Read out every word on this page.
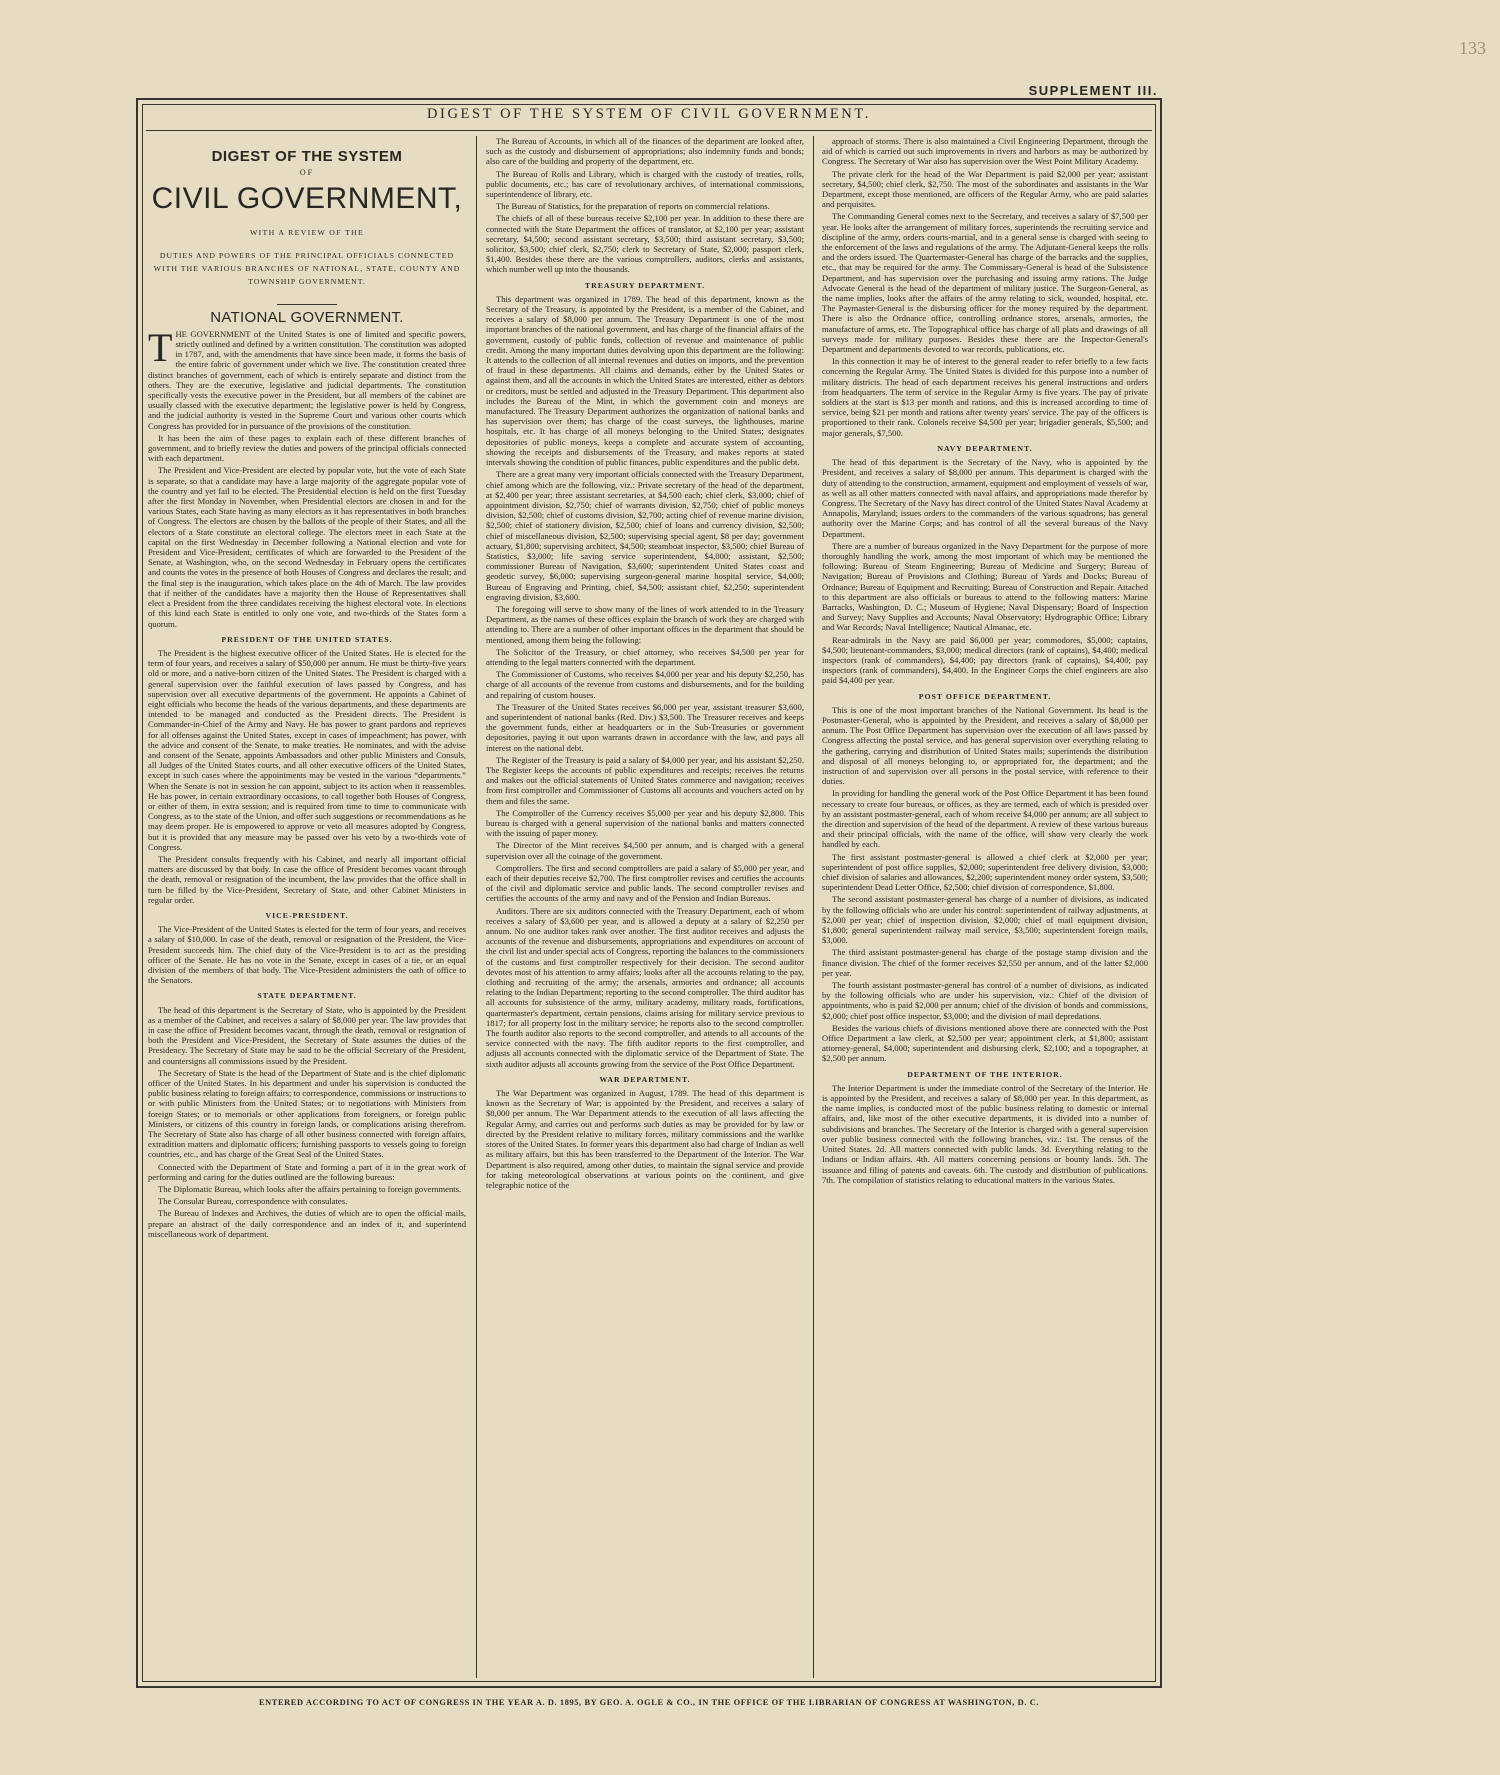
133
SUPPLEMENT III.
DIGEST OF THE SYSTEM OF CIVIL GOVERNMENT.
DIGEST OF THE SYSTEM
OF
CIVIL GOVERNMENT,
WITH A REVIEW OF THE
DUTIES AND POWERS OF THE PRINCIPAL OFFICIALS CONNECTED WITH THE VARIOUS BRANCHES OF NATIONAL, STATE, COUNTY AND TOWNSHIP GOVERNMENT.
NATIONAL GOVERNMENT.

THE GOVERNMENT of the United States is one of limited and specific powers, strictly outlined and defined by a written constitution. The constitution was adopted in 1787, and, with the amendments that have since been made, it forms the basis of the entire fabric of government under which we live. The constitution created three distinct branches of government, each of which is entirely separate and distinct from the others. They are the executive, legislative and judicial departments. The constitution specifically vests the executive power in the President, but all members of the cabinet are usually classed with the executive department; the legislative power is held by Congress, and the judicial authority is vested in the Supreme Court and various other courts which Congress has provided for in pursuance of the provisions of the constitution.

It has been the aim of these pages to explain each of these different branches of government, and to briefly review the duties and powers of the principal officials connected with each department.

The President and Vice-President are elected by popular vote, but the vote of each State is separate, so that a candidate may have a large majority of the aggregate popular vote of the country and yet fail to be elected. The Presidential election is held on the first Tuesday after the first Monday in November, when Presidential electors are chosen in and for the various States, each State having as many electors as it has representatives in both branches of Congress. The electors are chosen by the ballots of the people of their States, and all the electors of a State constitute an electoral college. The electors meet in each State at the capital on the first Wednesday in December following a National election and vote for President and Vice-President, certificates of which are forwarded to the President of the Senate, at Washington, who, on the second Wednesday in February opens the certificates and counts the votes in the presence of both Houses of Congress and declares the result; and the final step is the inauguration, which takes place on the 4th of March. The law provides that if neither of the candidates have a majority then the House of Representatives shall elect a President from the three candidates receiving the highest electoral vote. In elections of this kind each State is entitled to only one vote, and two-thirds of the States form a quorum.

PRESIDENT OF THE UNITED STATES.

The President is the highest executive officer of the United States. He is elected for the term of four years, and receives a salary of $50,000 per annum. He must be thirty-five years old or more, and a native-born citizen of the United States. The President is charged with a general supervision over the faithful execution of laws passed by Congress, and has supervision over all executive departments of the government. He appoints a Cabinet of eight officials who become the heads of the various departments, and these departments are intended to be managed and conducted as the President directs. The President is Commander-in-Chief of the Army and Navy. He has power to grant pardons and reprieves for all offenses against the United States, except in cases of impeachment; has power, with the advice and consent of the Senate, to make treaties. He nominates, and with the advise and consent of the Senate, appoints Ambassadors and other public Ministers and Consuls, all Judges of the United States courts, and all other executive officers of the United States, except in such cases where the appointments may be vested in the various “departments.” When the Senate is not in session he can appoint, subject to its action when it reassembles. He has power, in certain extraordinary occasions, to call together both Houses of Congress, or either of them, in extra session; and is required from time to time to communicate with Congress, as to the state of the Union, and offer such suggestions or recommendations as he may deem proper. He is empowered to approve or veto all measures adopted by Congress, but it is provided that any measure may be passed over his veto by a two-thirds vote of Congress.

The President consults frequently with his Cabinet, and nearly all important official matters are discussed by that body. In case the office of President becomes vacant through the death, removal or resignation of the incumbent, the law provides that the office shall in turn be filled by the Vice-President, Secretary of State, and other Cabinet Ministers in regular order.

VICE-PRESIDENT.

The Vice-President of the United States is elected for the term of four years, and receives a salary of $10,000. In case of the death, removal or resignation of the President, the Vice-President succeeds him. The chief duty of the Vice-President is to act as the presiding officer of the Senate. He has no vote in the Senate, except in cases of a tie, or an equal division of the members of that body. The Vice-President administers the oath of office to the Senators.

STATE DEPARTMENT.

The head of this department is the Secretary of State, who is appointed by the President as a member of the Cabinet, and receives a salary of $8,000 per year. The law provides that in case the office of President becomes vacant, through the death, removal or resignation of both the President and Vice-President, the Secretary of State assumes the duties of the Presidency. The Secretary of State may be said to be the official Secretary of the President, and countersigns all commissions issued by the President.

The Secretary of State is the head of the Department of State and is the chief diplomatic officer of the United States. In his department and under his supervision is conducted the public business relating to foreign affairs; to correspondence, commissions or instructions to or with public Ministers from the United States; or to negotiations with Ministers from foreign States; or to memorials or other applications from foreigners, or foreign public Ministers, or citizens of this country in foreign lands, or complications arising therefrom. The Secretary of State also has charge of all other business connected with foreign affairs, extradition matters and diplomatic officers; furnishing passports to vessels going to foreign countries, etc., and has charge of the Great Seal of the United States.

Connected with the Department of State and forming a part of it in the great work of performing and caring for the duties outlined are the following bureaus:

The Diplomatic Bureau, which looks after the affairs pertaining to foreign governments.

The Consular Bureau, correspondence with consulates.

The Bureau of Indexes and Archives, the duties of which are to open the official mails, prepare an abstract of the daily correspondence and an index of it, and superintend miscellaneous work of department.

The Bureau of Accounts, in which all of the finances of the department are looked after, such as the custody and disbursement of appropriations; also indemnity funds and bonds; also care of the building and property of the department, etc.

The Bureau of Rolls and Library, which is charged with the custody of treaties, rolls, public documents, etc.; has care of revolutionary archives, of international commissions, superintendence of library, etc.

The Bureau of Statistics, for the preparation of reports on commercial relations.

The chiefs of all of these bureaus receive $2,100 per year. In addition to these there are connected with the State Department the offices of translator, at $2,100 per year; assistant secretary, $4,500; second assistant secretary, $3,500; third assistant secretary, $3,500; solicitor, $3,500; chief clerk, $2,750; clerk to Secretary of State, $2,000; passport clerk, $1,400. Besides these there are the various comptrollers, auditors, clerks and assistants, which number well up into the thousands.

TREASURY DEPARTMENT.

This department was organized in 1789. The head of this department, known as the Secretary of the Treasury, is appointed by the President, is a member of the Cabinet, and receives a salary of $8,000 per annum. The Treasury Department is one of the most important branches of the national government, and has charge of the financial affairs of the government, custody of public funds, collection of revenue and maintenance of public credit. Among the many important duties devolving upon this department are the following: It attends to the collection of all internal revenues and duties on imports, and the prevention of fraud in these departments. All claims and demands, either by the United States or against them, and all the accounts in which the United States are interested, either as debtors or creditors, must be settled and adjusted in the Treasury Department. This department also includes the Bureau of the Mint, in which the government coin and moneys are manufactured. The Treasury Department authorizes the organization of national banks and has supervision over them; has charge of the coast surveys, the lighthouses, marine hospitals, etc. It has charge of all moneys belonging to the United States; designates depositories of public moneys, keeps a complete and accurate system of accounting, showing the receipts and disbursements of the Treasury, and makes reports at stated intervals showing the condition of public finances, public expenditures and the public debt.

There are a great many very important officials connected with the Treasury Department, chief among which are the following, viz.: Private secretary of the head of the department, at $2,400 per year; three assistant secretaries, at $4,500 each; chief clerk, $3,000; chief of appointment division, $2,750; chief of warrants division, $2,750; chief of public moneys division, $2,500; chief of customs division, $2,700; acting chief of revenue marine division, $2,500; chief of stationery division, $2,500; chief of loans and currency division, $2,500; chief of miscellaneous division, $2,500; supervising special agent, $8 per day; government actuary, $1,800; supervising architect, $4,500; steamboat inspector, $3,500; chief Bureau of Statistics, $3,000; life saving service superintendent, $4,000; assistant, $2,500; commissioner Bureau of Navigation, $3,600; superintendent United States coast and geodetic survey, $6,000; supervising surgeon-general marine hospital service, $4,000; Bureau of Engraving and Printing, chief, $4,500; assistant chief, $2,250; superintendent engraving division, $3,600.

The foregoing will serve to show many of the lines of work attended to in the Treasury Department, as the names of these offices explain the branch of work they are charged with attending to. There are a number of other important offices in the department that should be mentioned, among them being the following:

The Solicitor of the Treasury, or chief attorney, who receives $4,500 per year for attending to the legal matters connected with the department.

The Commissioner of Customs, who receives $4,000 per year and his deputy $2,250, has charge of all accounts of the revenue from customs and disbursements, and for the building and repairing of custom houses.

The Treasurer of the United States receives $6,000 per year, assistant treasurer $3,600, and superintendent of national banks (Red. Div.) $3,500. The Treasurer receives and keeps the government funds, either at headquarters or in the Sub-Treasuries or government depositories, paying it out upon warrants drawn in accordance with the law, and pays all interest on the national debt.

The Register of the Treasury is paid a salary of $4,000 per year, and his assistant $2,250. The Register keeps the accounts of public expenditures and receipts; receives the returns and makes out the official statements of United States commerce and navigation; receives from first comptroller and Commissioner of Customs all accounts and vouchers acted on by them and files the same.

The Comptroller of the Currency receives $5,000 per year and his deputy $2,800. This bureau is charged with a general supervision of the national banks and matters connected with the issuing of paper money.

The Director of the Mint receives $4,500 per annum, and is charged with a general supervision over all the coinage of the government.

Comptrollers. The first and second comptrollers are paid a salary of $5,000 per year, and each of their deputies receive $2,700. The first comptroller revises and certifies the accounts of the civil and diplomatic service and public lands. The second comptroller revises and certifies the accounts of the army and navy and of the Pension and Indian Bureaus.

Auditors. There are six auditors connected with the Treasury Department, each of whom receives a salary of $3,600 per year, and is allowed a deputy at a salary of $2,250 per annum. No one auditor takes rank over another. The first auditor receives and adjusts the accounts of the revenue and disbursements, appropriations and expenditures on account of the civil list and under special acts of Congress, reporting the balances to the commissioners of the customs and first comptroller respectively for their decision. The second auditor devotes most of his attention to army affairs; looks after all the accounts relating to the pay, clothing and recruiting of the army; the arsenals, armories and ordnance; all accounts relating to the Indian Department; reporting to the second comptroller. The third auditor has all accounts for subsistence of the army, military academy, military roads, fortifications, quartermaster's department, certain pensions, claims arising for military service previous to 1817; for all property lost in the military service; he reports also to the second comptroller. The fourth auditor also reports to the second comptroller, and attends to all accounts of the service connected with the navy. The fifth auditor reports to the first comptroller, and adjusts all accounts connected with the diplomatic service of the Department of State. The sixth auditor adjusts all accounts growing from the service of the Post Office Department.

WAR DEPARTMENT.

The War Department was organized in August, 1789. The head of this department is known as the Secretary of War; is appointed by the President, and receives a salary of $8,000 per annum. The War Department attends to the execution of all laws affecting the Regular Army, and carries out and performs such duties as may be provided for by law or directed by the President relative to military forces, military commissions and the warlike stores of the United States. In former years this department also had charge of Indian as well as military affairs, but this has been transferred to the Department of the Interior. The War Department is also required, among other duties, to maintain the signal service and provide for taking meteorological observations at various points on the continent, and give telegraphic notice of the

approach of storms. There is also maintained a Civil Engineering Department, through the aid of which is carried out such improvements in rivers and harbors as may be authorized by Congress. The Secretary of War also has supervision over the West Point Military Academy.

The private clerk for the head of the War Department is paid $2,000 per year; assistant secretary, $4,500; chief clerk, $2,750. The most of the subordinates and assistants in the War Department, except those mentioned, are officers of the Regular Army, who are paid salaries and perquisites.

The Commanding General comes next to the Secretary, and receives a salary of $7,500 per year. He looks after the arrangement of military forces, superintends the recruiting service and discipline of the army, orders courts-martial, and in a general sense is charged with seeing to the enforcement of the laws and regulations of the army. The Adjutant-General keeps the rolls and the orders issued. The Quartermaster-General has charge of the barracks and the supplies, etc., that may be required for the army. The Commissary-General is head of the Subsistence Department, and has supervision over the purchasing and issuing army rations. The Judge Advocate General is the head of the department of military justice. The Surgeon-General, as the name implies, looks after the affairs of the army relating to sick, wounded, hospital, etc. The Paymaster-General is the disbursing officer for the money required by the department. There is also the Ordnance office, controlling ordnance stores, arsenals, armories, the manufacture of arms, etc. The Topographical office has charge of all plats and drawings of all surveys made for military purposes. Besides these there are the Inspector-General's Department and departments devoted to war records, publications, etc.

In this connection it may be of interest to the general reader to refer briefly to a few facts concerning the Regular Army. The United States is divided for this purpose into a number of military districts. The head of each department receives his general instructions and orders from headquarters. The term of service in the Regular Army is five years. The pay of private soldiers at the start is $13 per month and rations, and this is increased according to time of service, being $21 per month and rations after twenty years' service. The pay of the officers is proportioned to their rank. Colonels receive $4,500 per year; brigadier generals, $5,500; and major generals, $7,500.

NAVY DEPARTMENT.

The head of this department is the Secretary of the Navy, who is appointed by the President, and receives a salary of $8,000 per annum. This department is charged with the duty of attending to the construction, armament, equipment and employment of vessels of war, as well as all other matters connected with naval affairs, and appropriations made therefor by Congress. The Secretary of the Navy has direct control of the United States Naval Academy at Annapolis, Maryland; issues orders to the commanders of the various squadrons; has general authority over the Marine Corps; and has control of all the several bureaus of the Navy Department.

There are a number of bureaus organized in the Navy Department for the purpose of more thoroughly handling the work, among the most important of which may be mentioned the following: Bureau of Steam Engineering; Bureau of Medicine and Surgery; Bureau of Navigation; Bureau of Provisions and Clothing; Bureau of Yards and Docks; Bureau of Ordnance; Bureau of Equipment and Recruiting; Bureau of Construction and Repair. Attached to this department are also officials or bureaus to attend to the following matters: Marine Barracks, Washington, D. C.; Museum of Hygiene; Naval Dispensary; Board of Inspection and Survey; Navy Supplies and Accounts; Naval Observatory; Hydrographic Office; Library and War Records; Naval Intelligence; Nautical Almanac, etc.

Rear-admirals in the Navy are paid $6,000 per year; commodores, $5,000; captains, $4,500; lieutenant-commanders, $3,000; medical directors (rank of captains), $4,400; medical inspectors (rank of commanders), $4,400; pay directors (rank of captains), $4,400; pay inspectors (rank of commanders), $4,400. In the Engineer Corps the chief engineers are also paid $4,400 per year.

POST OFFICE DEPARTMENT.

This is one of the most important branches of the National Government. Its head is the Postmaster-General, who is appointed by the President, and receives a salary of $8,000 per annum. The Post Office Department has supervision over the execution of all laws passed by Congress affecting the postal service, and has general supervision over everything relating to the gathering, carrying and distribution of United States mails; superintends the distribution and disposal of all moneys belonging to, or appropriated for, the department; and the instruction of and supervision over all persons in the postal service, with reference to their duties.

In providing for handling the general work of the Post Office Department it has been found necessary to create four bureaus, or offices, as they are termed, each of which is presided over by an assistant postmaster-general, each of whom receive $4,000 per annum; are all subject to the direction and supervision of the head of the department. A review of these various bureaus and their principal officials, with the name of the office, will show very clearly the work handled by each.

The first assistant postmaster-general is allowed a chief clerk at $2,000 per year; superintendent of post office supplies, $2,000; superintendent free delivery division, $3,000; chief division of salaries and allowances, $2,200; superintendent money order system, $3,500; superintendent Dead Letter Office, $2,500; chief division of correspondence, $1,800.

The second assistant postmaster-general has charge of a number of divisions, as indicated by the following officials who are under his control: superintendent of railway adjustments, at $2,000 per year; chief of inspection division, $2,000; chief of mail equipment division, $1,800; general superintendent railway mail service, $3,500; superintendent foreign mails, $3,000.

The third assistant postmaster-general has charge of the postage stamp division and the finance division. The chief of the former receives $2,550 per annum, and of the latter $2,000 per year.

The fourth assistant postmaster-general has control of a number of divisions, as indicated by the following officials who are under his supervision, viz.: Chief of the division of appointments, who is paid $2,000 per annum; chief of the division of bonds and commissions, $2,000; chief post office inspector, $3,000; and the division of mail depredations.

Besides the various chiefs of divisions mentioned above there are connected with the Post Office Department a law clerk, at $2,500 per year; appointment clerk, at $1,800; assistant attorney-general, $4,000; superintendent and disbursing clerk, $2,100; and a topographer, at $2,500 per annum.

DEPARTMENT OF THE INTERIOR.

The Interior Department is under the immediate control of the Secretary of the Interior. He is appointed by the President, and receives a salary of $8,000 per year. In this department, as the name implies, is conducted most of the public business relating to domestic or internal affairs, and, like most of the other executive departments, it is divided into a number of subdivisions and branches. The Secretary of the Interior is charged with a general supervision over public business connected with the following branches, viz.: 1st. The census of the United States. 2d. All matters connected with public lands. 3d. Everything relating to the Indians or Indian affairs. 4th. All matters concerning pensions or bounty lands. 5th. The issuance and filing of patents and caveats. 6th. The custody and distribution of publications. 7th. The compilation of statistics relating to educational matters in the various States.

ENTERED ACCORDING TO ACT OF CONGRESS IN THE YEAR A. D. 1895, BY GEO. A. OGLE & CO., IN THE OFFICE OF THE LIBRARIAN OF CONGRESS AT WASHINGTON, D. C.
